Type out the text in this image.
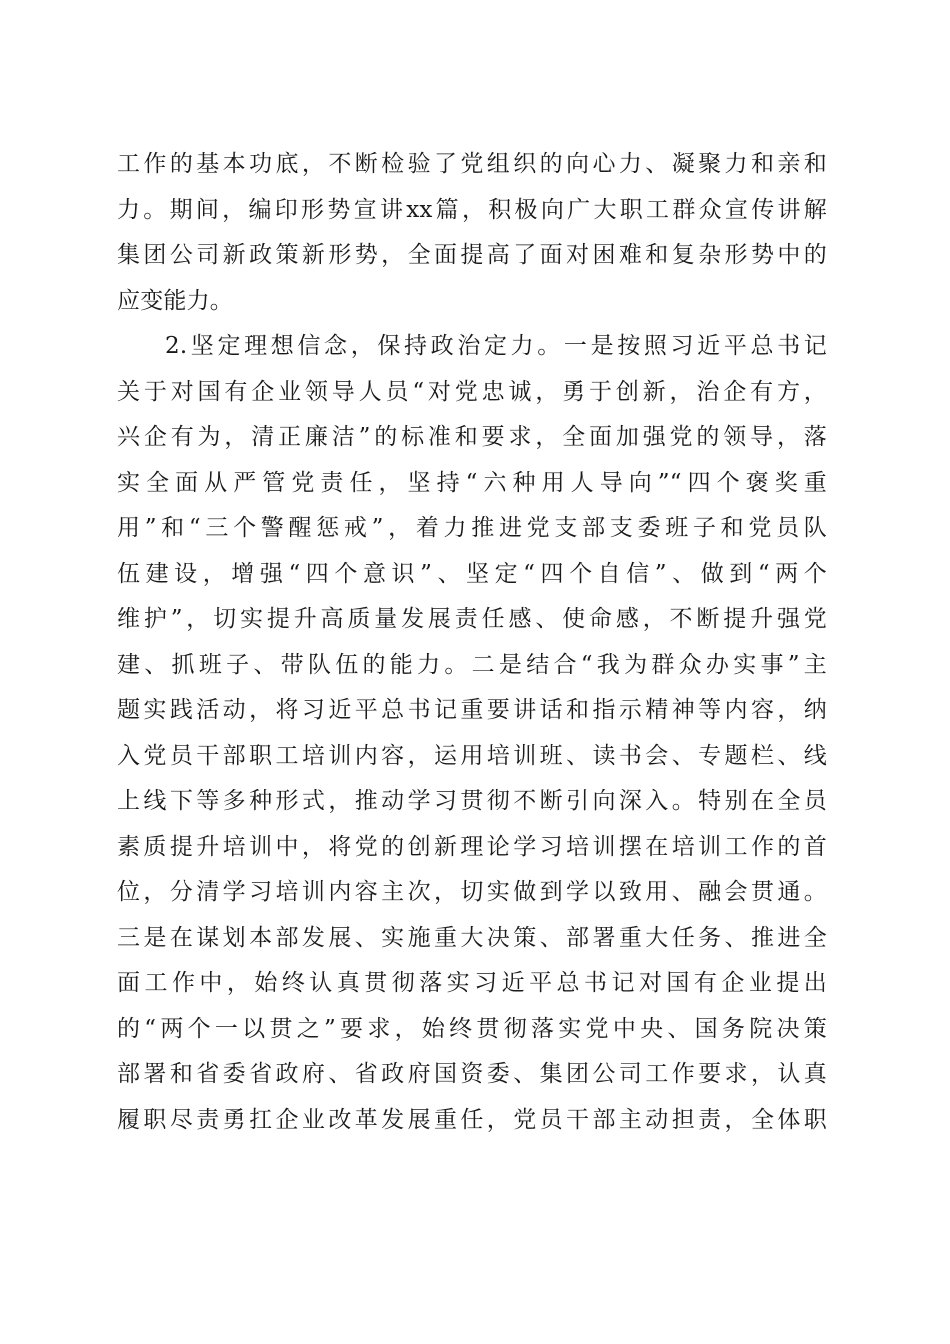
工作的基本功底，不断检验了党组织的向心力、凝聚力和亲和
力。期间，编印形势宣讲xx篇，积极向广大职工群众宣传讲解
集团公司新政策新形势，全面提高了面对困难和复杂形势中的
应变能力。
2.坚定理想信念，保持政治定力。一是按照习近平总书记
关于对国有企业领导人员“对党忠诚，勇于创新，治企有方，
兴企有为，清正廉洁”的标准和要求，全面加强党的领导，落
实全面从严管党责任，坚持“六种用人导向”“四个褒奖重
用”和“三个警醒惩戒”，着力推进党支部支委班子和党员队
伍建设，增强“四个意识”、坚定“四个自信”、做到“两个
维护”，切实提升高质量发展责任感、使命感，不断提升强党
建、抓班子、带队伍的能力。二是结合“我为群众办实事”主
题实践活动，将习近平总书记重要讲话和指示精神等内容，纳
入党员干部职工培训内容，运用培训班、读书会、专题栏、线
上线下等多种形式，推动学习贯彻不断引向深入。特别在全员
素质提升培训中，将党的创新理论学习培训摆在培训工作的首
位，分清学习培训内容主次，切实做到学以致用、融会贯通。
三是在谋划本部发展、实施重大决策、部署重大任务、推进全
面工作中，始终认真贯彻落实习近平总书记对国有企业提出
的“两个一以贯之”要求，始终贯彻落实党中央、国务院决策
部署和省委省政府、省政府国资委、集团公司工作要求，认真
履职尽责勇扛企业改革发展重任，党员干部主动担责，全体职
